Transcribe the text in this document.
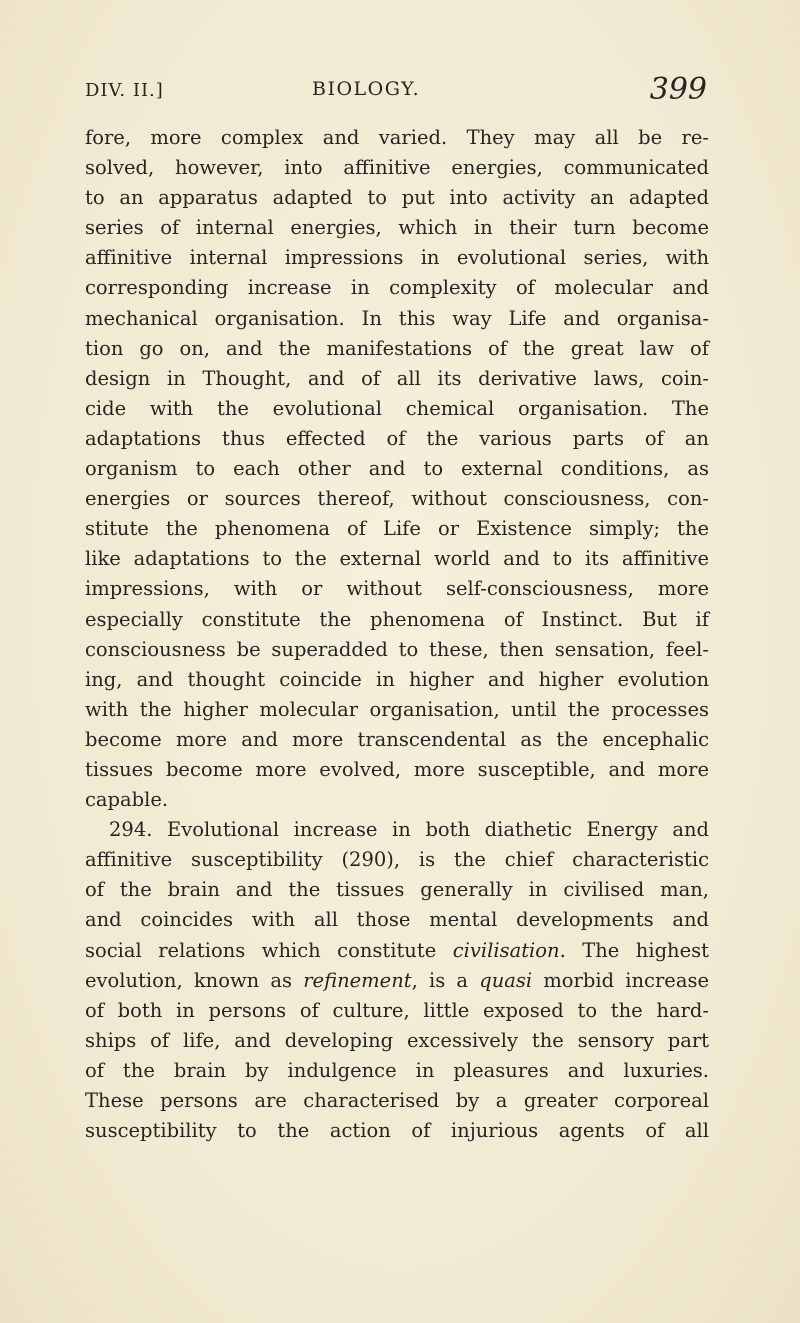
DIV. II.]	BIOLOGY.	399
fore, more complex and varied. They may all be re-
solved, however, into affinitive energies, communicated
to an apparatus adapted to put into activity an adapted
series of internal energies, which in their turn become
affinitive internal impressions in evolutional series, with
corresponding increase in complexity of molecular and
mechanical organisation. In this way Life and organisa-
tion go on, and the manifestations of the great law of
design in Thought, and of all its derivative laws, coin-
cide with the evolutional chemical organisation. The
adaptations thus effected of the various parts of an
organism to each other and to external conditions, as
energies or sources thereof, without consciousness, con-
stitute the phenomena of Life or Existence simply; the
like adaptations to the external world and to its affinitive
impressions, with or without self-consciousness, more
especially constitute the phenomena of Instinct. But if
consciousness be superadded to these, then sensation, feel-
ing, and thought coincide in higher and higher evolution
with the higher molecular organisation, until the processes
become more and more transcendental as the encephalic
tissues become more evolved, more susceptible, and more
capable.
294. Evolutional increase in both diathetic Energy and
affinitive susceptibility (290), is the chief characteristic
of the brain and the tissues generally in civilised man,
and coincides with all those mental developments and
social relations which constitute civilisation. The highest
evolution, known as refinement, is a quasi morbid increase
of both in persons of culture, little exposed to the hard-
ships of life, and developing excessively the sensory part
of the brain by indulgence in pleasures and luxuries.
These persons are characterised by a greater corporeal
susceptibility to the action of injurious agents of all
